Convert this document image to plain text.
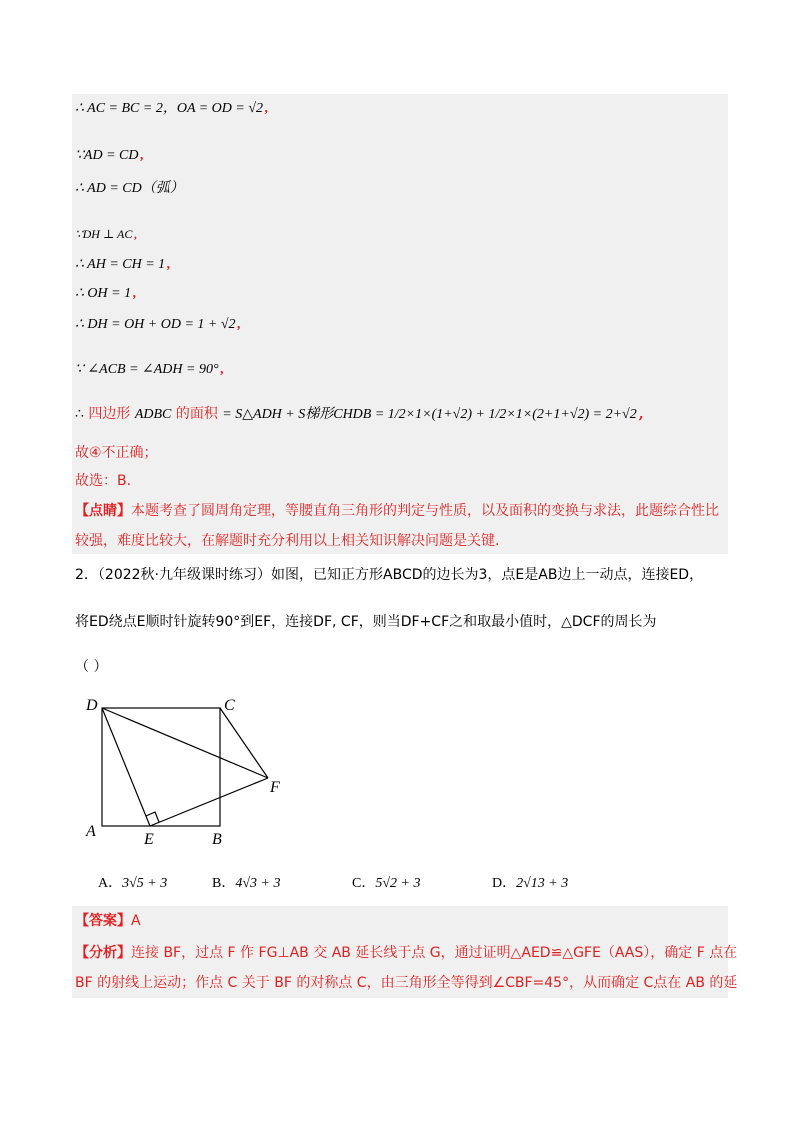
∴ AC = BC = 2，OA = OD = √2 ,
∵AD = CD ,
∴ AD = CD（弧）
∵DH ⊥ AC ,
∴ AH = CH = 1 ,
∴ OH = 1 ,
∴ DH = OH + OD = 1 + √2 ,
∵ ∠ACB = ∠ADH = 90° ,
∴ 四边形 ADBC 的面积 = S△ADH + S梯形CHDB = 1/2×1×(1+√2) + 1/2×1×(2+1+√2) = 2+√2 ,
故④不正确；
故选：B.
【点睛】本题考查了圆周角定理，等腰直角三角形的判定与性质，以及面积的变换与求法，此题综合性比
较强，难度比较大，在解题时充分利用以上相关知识解决问题是关键.
2．（2022秋·九年级课时练习）如图，已知正方形ABCD的边长为3，点E是AB边上一动点，连接ED，
将ED绕点E顺时针旋转90°到EF，连接DF, CF，则当DF+CF之和取最小值时，△DCF的周长为
（ ）
D	C
F
A	E	B
A．3√5 + 3	B．4√3 + 3	C．5√2 + 3	D．2√13 + 3
【答案】A
【分析】连接 BF，过点 F 作 FG⊥AB 交 AB 延长线于点 G，通过证明△AED≌△GFE（AAS），确定 F 点在
BF 的射线上运动；作点 C 关于 BF 的对称点 C，由三角形全等得到∠CBF=45°，从而确定 C点在 AB 的延
